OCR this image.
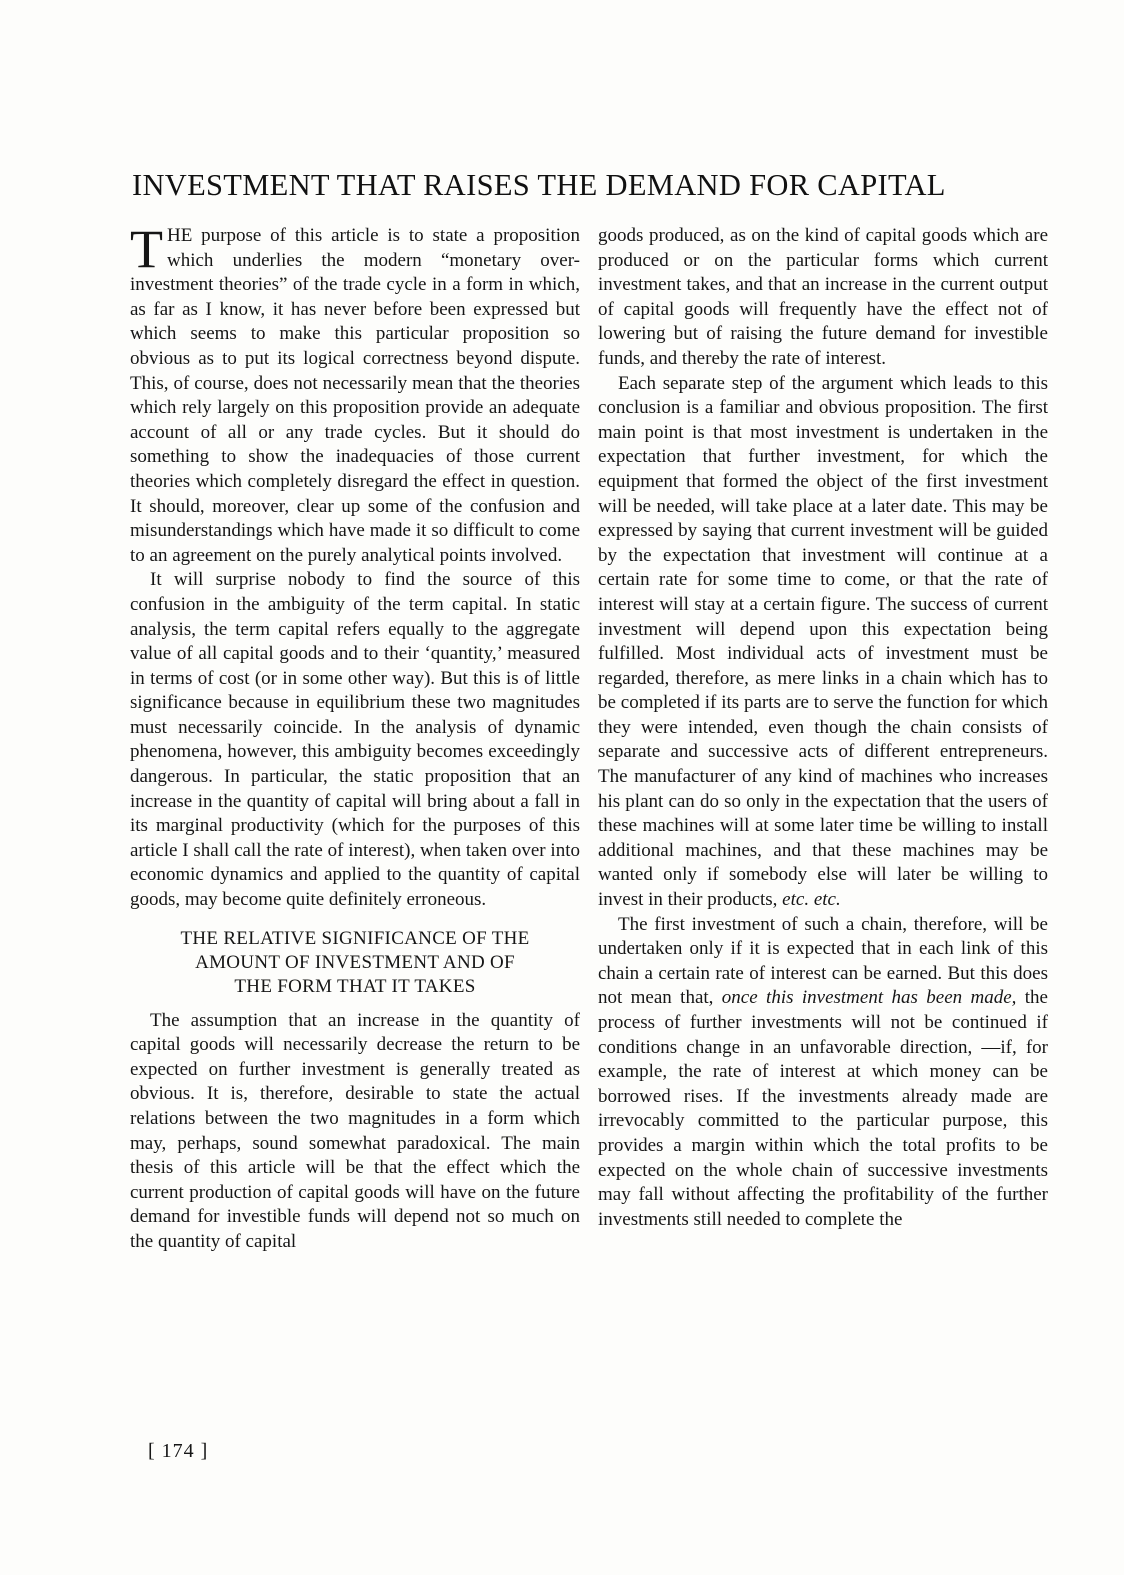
INVESTMENT THAT RAISES THE DEMAND FOR CAPITAL

THE purpose of this article is to state a proposition which underlies the modern “monetary over-investment theories” of the trade cycle in a form in which, as far as I know, it has never before been expressed but which seems to make this particular proposition so obvious as to put its logical correctness beyond dispute. This, of course, does not necessarily mean that the theories which rely largely on this proposition provide an adequate account of all or any trade cycles. But it should do something to show the inadequacies of those current theories which completely disregard the effect in question. It should, moreover, clear up some of the confusion and misunderstandings which have made it so difficult to come to an agreement on the purely analytical points involved.

It will surprise nobody to find the source of this confusion in the ambiguity of the term capital. In static analysis, the term capital refers equally to the aggregate value of all capital goods and to their ‘quantity,’ measured in terms of cost (or in some other way). But this is of little significance because in equilibrium these two magnitudes must necessarily coincide. In the analysis of dynamic phenomena, however, this ambiguity becomes exceedingly dangerous. In particular, the static proposition that an increase in the quantity of capital will bring about a fall in its marginal productivity (which for the purposes of this article I shall call the rate of interest), when taken over into economic dynamics and applied to the quantity of capital goods, may become quite definitely erroneous.

THE RELATIVE SIGNIFICANCE OF THE
AMOUNT OF INVESTMENT AND OF
THE FORM THAT IT TAKES

The assumption that an increase in the quantity of capital goods will necessarily decrease the return to be expected on further investment is generally treated as obvious. It is, therefore, desirable to state the actual relations between the two magnitudes in a form which may, perhaps, sound somewhat paradoxical. The main thesis of this article will be that the effect which the current production of capital goods will have on the future demand for investible funds will depend not so much on the quantity of capital

goods produced, as on the kind of capital goods which are produced or on the particular forms which current investment takes, and that an increase in the current output of capital goods will frequently have the effect not of lowering but of raising the future demand for investible funds, and thereby the rate of interest.

Each separate step of the argument which leads to this conclusion is a familiar and obvious proposition. The first main point is that most investment is undertaken in the expectation that further investment, for which the equipment that formed the object of the first investment will be needed, will take place at a later date. This may be expressed by saying that current investment will be guided by the expectation that investment will continue at a certain rate for some time to come, or that the rate of interest will stay at a certain figure. The success of current investment will depend upon this expectation being fulfilled. Most individual acts of investment must be regarded, therefore, as mere links in a chain which has to be completed if its parts are to serve the function for which they were intended, even though the chain consists of separate and successive acts of different entrepreneurs. The manufacturer of any kind of machines who increases his plant can do so only in the expectation that the users of these machines will at some later time be willing to install additional machines, and that these machines may be wanted only if somebody else will later be willing to invest in their products, etc. etc.

The first investment of such a chain, therefore, will be undertaken only if it is expected that in each link of this chain a certain rate of interest can be earned. But this does not mean that, once this investment has been made, the process of further investments will not be continued if conditions change in an unfavorable direction, —if, for example, the rate of interest at which money can be borrowed rises. If the investments already made are irrevocably committed to the particular purpose, this provides a margin within which the total profits to be expected on the whole chain of successive investments may fall without affecting the profitability of the further investments still needed to complete the

[ 174 ]
